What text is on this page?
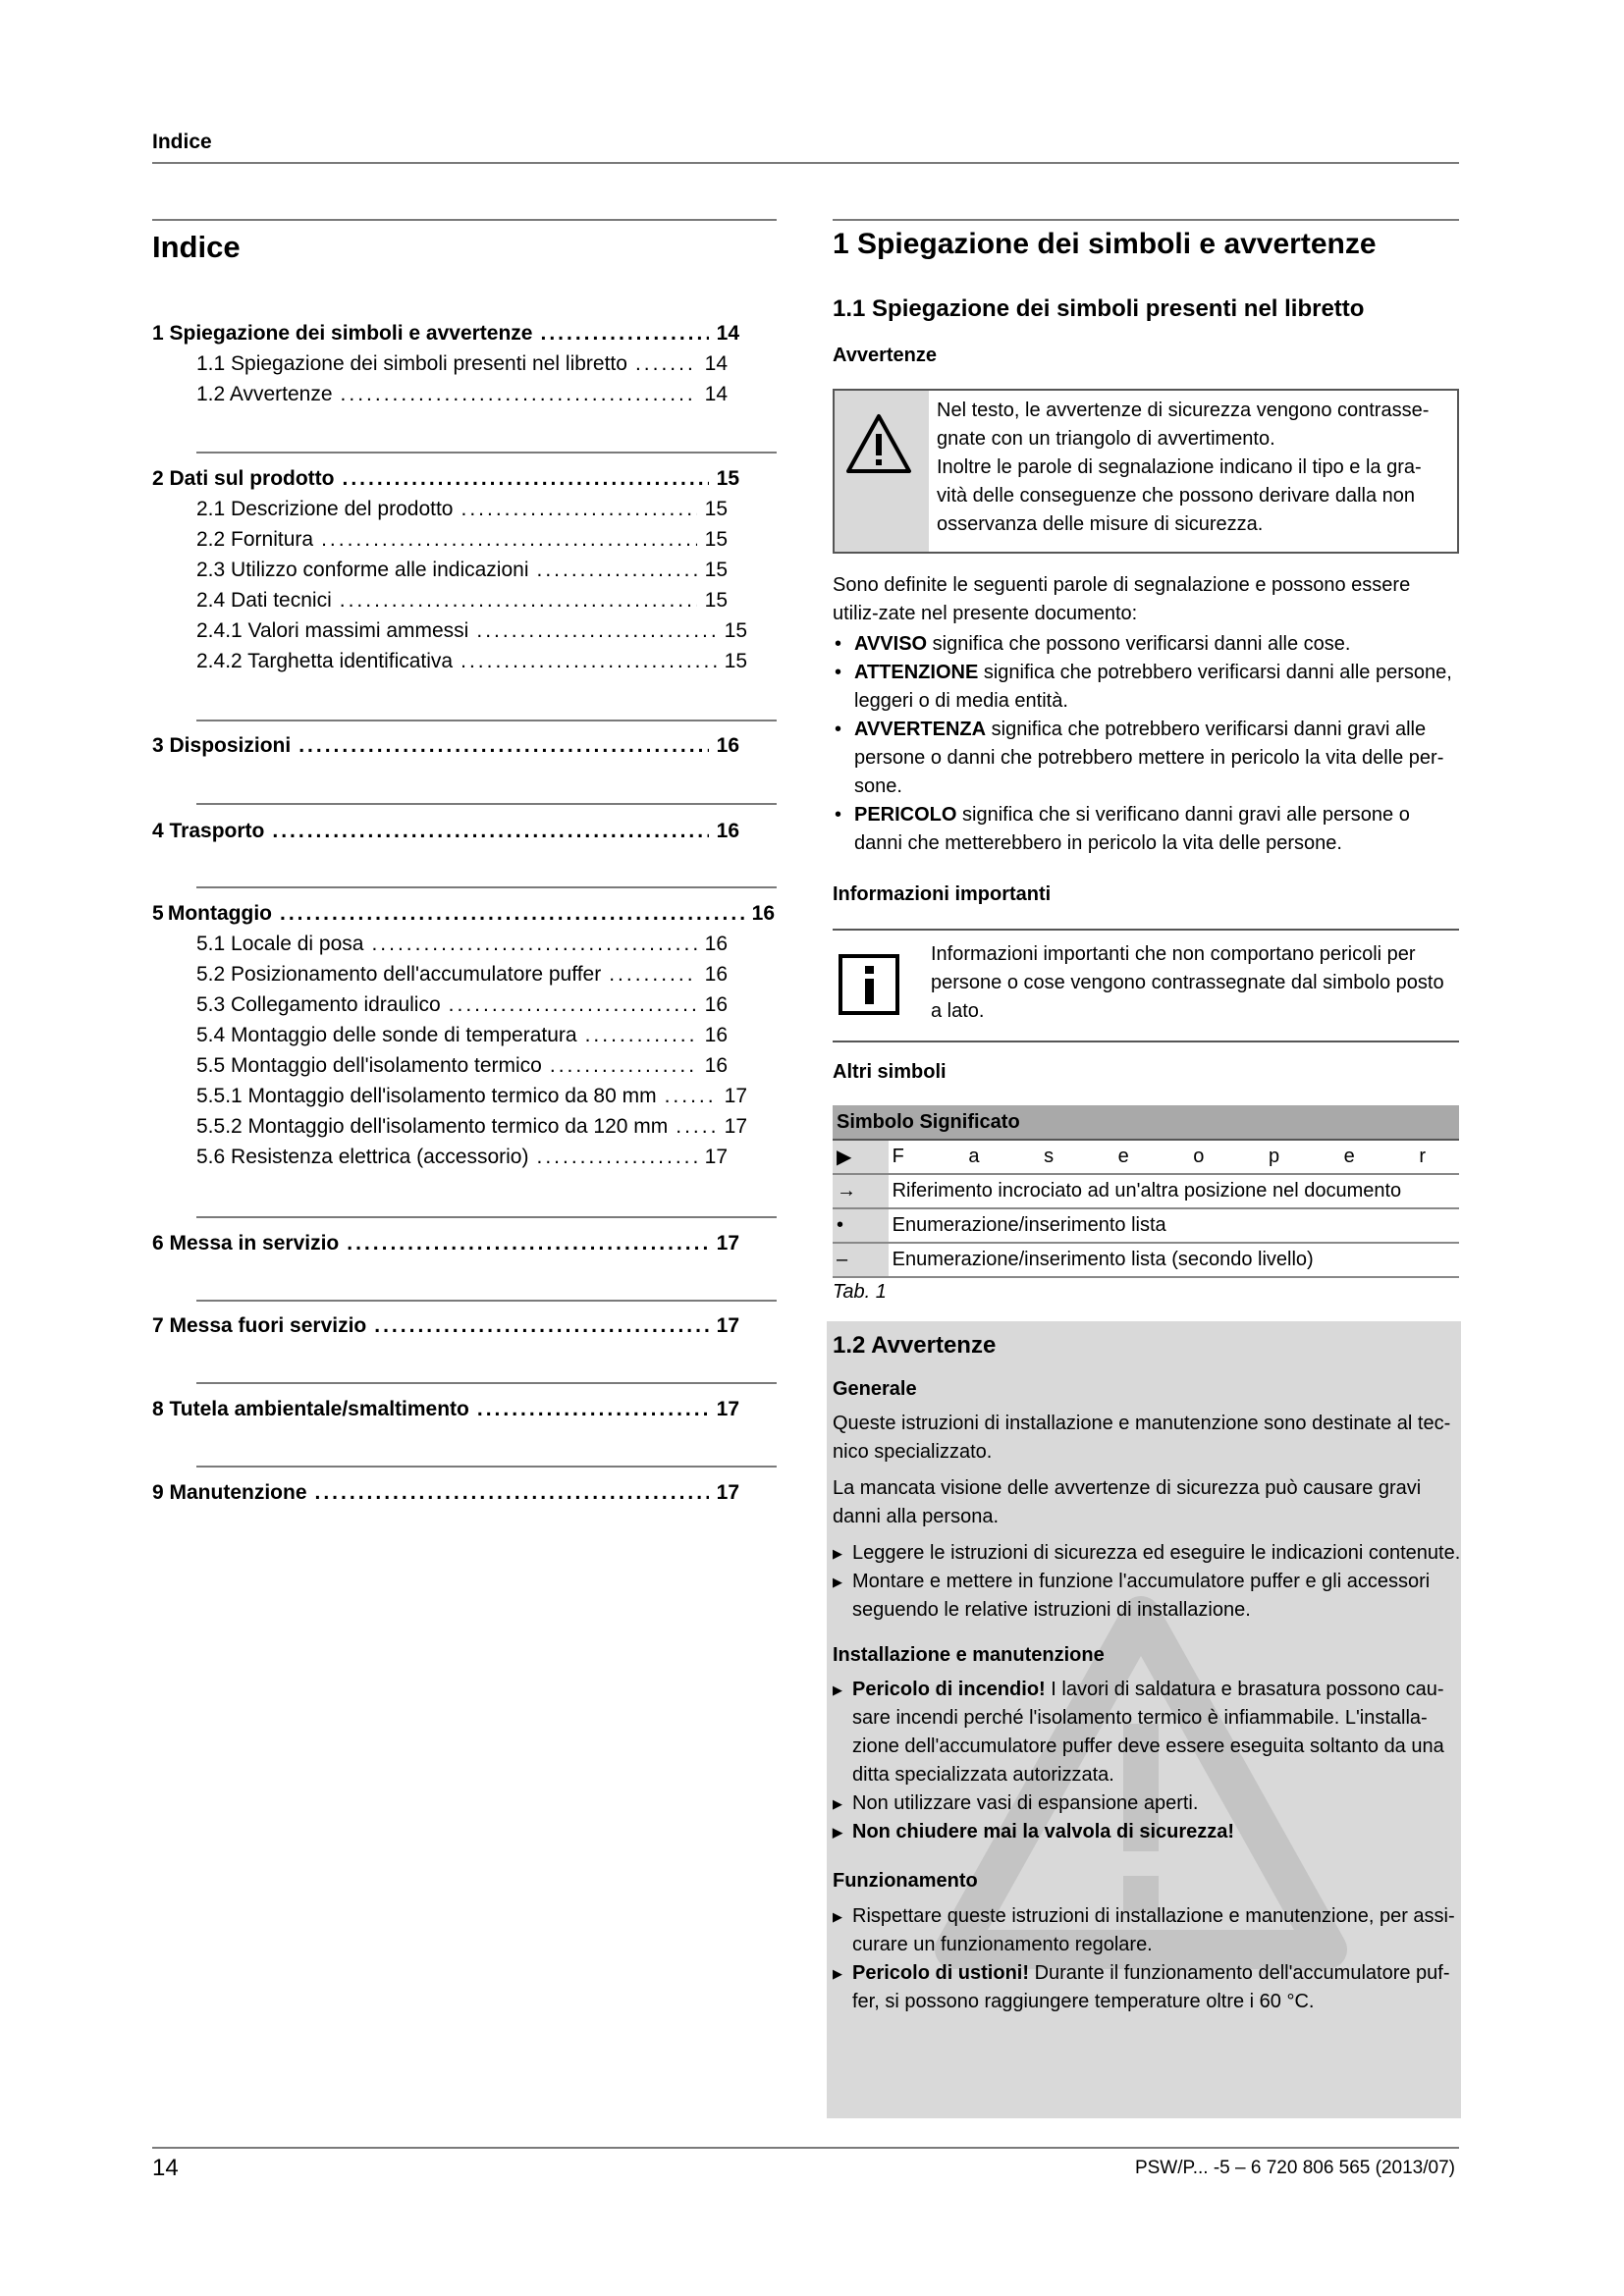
Indice
Indice
1 Spiegazione dei simboli e avvertenze .....	14
1.1 Spiegazione dei simboli presenti nel libretto .....	14
1.2 Avvertenze .....	14
2 Dati sul prodotto .....	15
2.1 Descrizione del prodotto .....	15
2.2 Fornitura .....	15
2.3 Utilizzo conforme alle indicazioni .....	15
2.4 Dati tecnici .....	15
2.4.1 Valori massimi ammessi .....	15
2.4.2 Targhetta identificativa .....	15
3 Disposizioni .....	16
4 Trasporto .....	16
5 Montaggio .....	16
5.1 Locale di posa .....	16
5.2 Posizionamento dell'accumulatore puffer .....	16
5.3 Collegamento idraulico .....	16
5.4 Montaggio delle sonde di temperatura .....	16
5.5 Montaggio dell'isolamento termico .....	16
5.5.1 Montaggio dell'isolamento termico da 80 mm .....	17
5.5.2 Montaggio dell'isolamento termico da 120 mm .....	17
5.6 Resistenza elettrica (accessorio) .....	17
6 Messa in servizio .....	17
7 Messa fuori servizio .....	17
8 Tutela ambientale/smaltimento .....	17
9 Manutenzione .....	17
1 Spiegazione dei simboli e avvertenze
1.1 Spiegazione dei simboli presenti nel libretto
Avvertenze
Nel testo, le avvertenze di sicurezza vengono contrasse-gnate con un triangolo di avvertimento.
Inoltre le parole di segnalazione indicano il tipo e la gra-vità delle conseguenze che possono derivare dalla non osservanza delle misure di sicurezza.
Sono definite le seguenti parole di segnalazione e possono essere utiliz-zate nel presente documento:
• AVVISO significa che possono verificarsi danni alle cose.
• ATTENZIONE significa che potrebbero verificarsi danni alle persone, leggeri o di media entità.
• AVVERTENZA significa che potrebbero verificarsi danni gravi alle persone o danni che potrebbero mettere in pericolo la vita delle per-sone.
• PERICOLO significa che si verificano danni gravi alle persone o danni che metterebbero in pericolo la vita delle persone.
Informazioni importanti
Informazioni importanti che non comportano pericoli per persone o cose vengono contrassegnate dal simbolo posto a lato.
Altri simboli
Simbolo Significato	
▶	F a s e o p e r
→	Riferimento incrociato ad un'altra posizione nel documento
•	Enumerazione/inserimento lista
–	Enumerazione/inserimento lista (secondo livello)
Tab. 1
1.2 Avvertenze
Generale
Queste istruzioni di installazione e manutenzione sono destinate al tec-nico specializzato.
La mancata visione delle avvertenze di sicurezza può causare gravi danni alla persona.
▶ Leggere le istruzioni di sicurezza ed eseguire le indicazioni contenute.
▶ Montare e mettere in funzione l'accumulatore puffer e gli accessori seguendo le relative istruzioni di installazione.
Installazione e manutenzione
▶ Pericolo di incendio! I lavori di saldatura e brasatura possono cau-sare incendi perché l'isolamento termico è infiammabile. L'installa-zione dell'accumulatore puffer deve essere eseguita soltanto da una ditta specializzata autorizzata.
▶ Non utilizzare vasi di espansione aperti.
▶ Non chiudere mai la valvola di sicurezza!
Funzionamento
▶ Rispettare queste istruzioni di installazione e manutenzione, per assi-curare un funzionamento regolare.
▶ Pericolo di ustioni! Durante il funzionamento dell'accumulatore puf-fer, si possono raggiungere temperature oltre i 60 °C.
14	PSW/P... -5 – 6 720 806 565 (2013/07)
